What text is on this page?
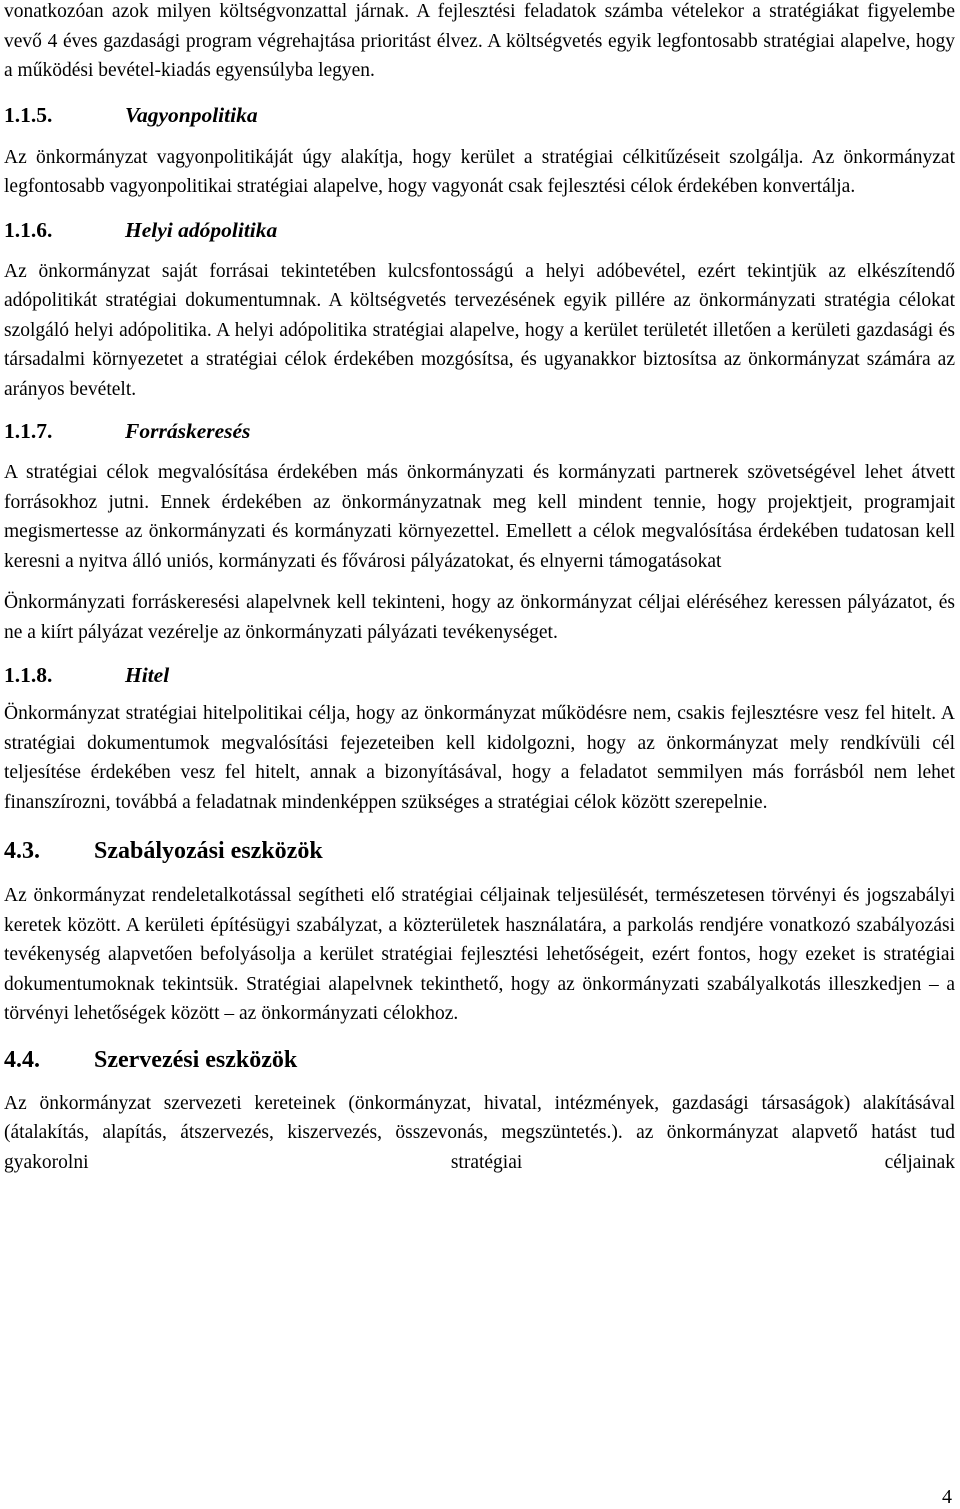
vonatkozóan azok milyen költségvonzattal járnak. A fejlesztési feladatok számba vételekor a stratégiákat figyelembe vevő 4 éves gazdasági program végrehajtása prioritást élvez. A költségvetés egyik legfontosabb stratégiai alapelve, hogy a működési bevétel-kiadás egyensúlyba legyen.

1.1.5.	Vagyonpolitika

Az önkormányzat vagyonpolitikáját úgy alakítja, hogy kerület a stratégiai célkitűzéseit szolgálja. Az önkormányzat legfontosabb vagyonpolitikai stratégiai alapelve, hogy vagyonát csak fejlesztési célok érdekében konvertálja.

1.1.6.	Helyi adópolitika

Az önkormányzat saját forrásai tekintetében kulcsfontosságú a helyi adóbevétel, ezért tekintjük az elkészítendő adópolitikát stratégiai dokumentumnak. A költségvetés tervezésének egyik pillére az önkormányzati stratégia célokat szolgáló helyi adópolitika. A helyi adópolitika stratégiai alapelve, hogy a kerület területét illetően a kerületi gazdasági és társadalmi környezetet a stratégiai célok érdekében mozgósítsa, és ugyanakkor biztosítsa az önkormányzat számára az arányos bevételt.

1.1.7.	Forráskeresés

A stratégiai célok megvalósítása érdekében más önkormányzati és kormányzati partnerek szövetségével lehet átvett forrásokhoz jutni. Ennek érdekében az önkormányzatnak meg kell mindent tennie, hogy projektjeit, programjait megismertesse az önkormányzati és kormányzati környezettel. Emellett a célok megvalósítása érdekében tudatosan kell keresni a nyitva álló uniós, kormányzati és fővárosi pályázatokat, és elnyerni támogatásokat

Önkormányzati forráskeresési alapelvnek kell tekinteni, hogy az önkormányzat céljai eléréséhez keressen pályázatot, és ne a kiírt pályázat vezérelje az önkormányzati pályázati tevékenységet.

1.1.8.	Hitel

Önkormányzat stratégiai hitelpolitikai célja, hogy az önkormányzat működésre nem, csakis fejlesztésre vesz fel hitelt. A stratégiai dokumentumok megvalósítási fejezeteiben kell kidolgozni, hogy az önkormányzat mely rendkívüli cél teljesítése érdekében vesz fel hitelt, annak a bizonyításával, hogy a feladatot semmilyen más forrásból nem lehet finanszírozni, továbbá a feladatnak mindenképpen szükséges a stratégiai célok között szerepelnie.

4.3.	Szabályozási eszközök

Az önkormányzat rendeletalkotással segítheti elő stratégiai céljainak teljesülését, természetesen törvényi és jogszabályi keretek között. A kerületi építésügyi szabályzat, a közterületek használatára, a parkolás rendjére vonatkozó szabályozási tevékenység alapvetően befolyásolja a kerület stratégiai fejlesztési lehetőségeit, ezért fontos, hogy ezeket is stratégiai dokumentumoknak tekintsük. Stratégiai alapelvnek tekinthető, hogy az önkormányzati szabályalkotás illeszkedjen – a törvényi lehetőségek között – az önkormányzati célokhoz.

4.4.	Szervezési eszközök

Az önkormányzat szervezeti kereteinek (önkormányzat, hivatal, intézmények, gazdasági társaságok) alakításával (átalakítás, alapítás, átszervezés, kiszervezés, összevonás, megszüntetés.). az önkormányzat alapvető hatást tud gyakorolni stratégiai céljainak

4
